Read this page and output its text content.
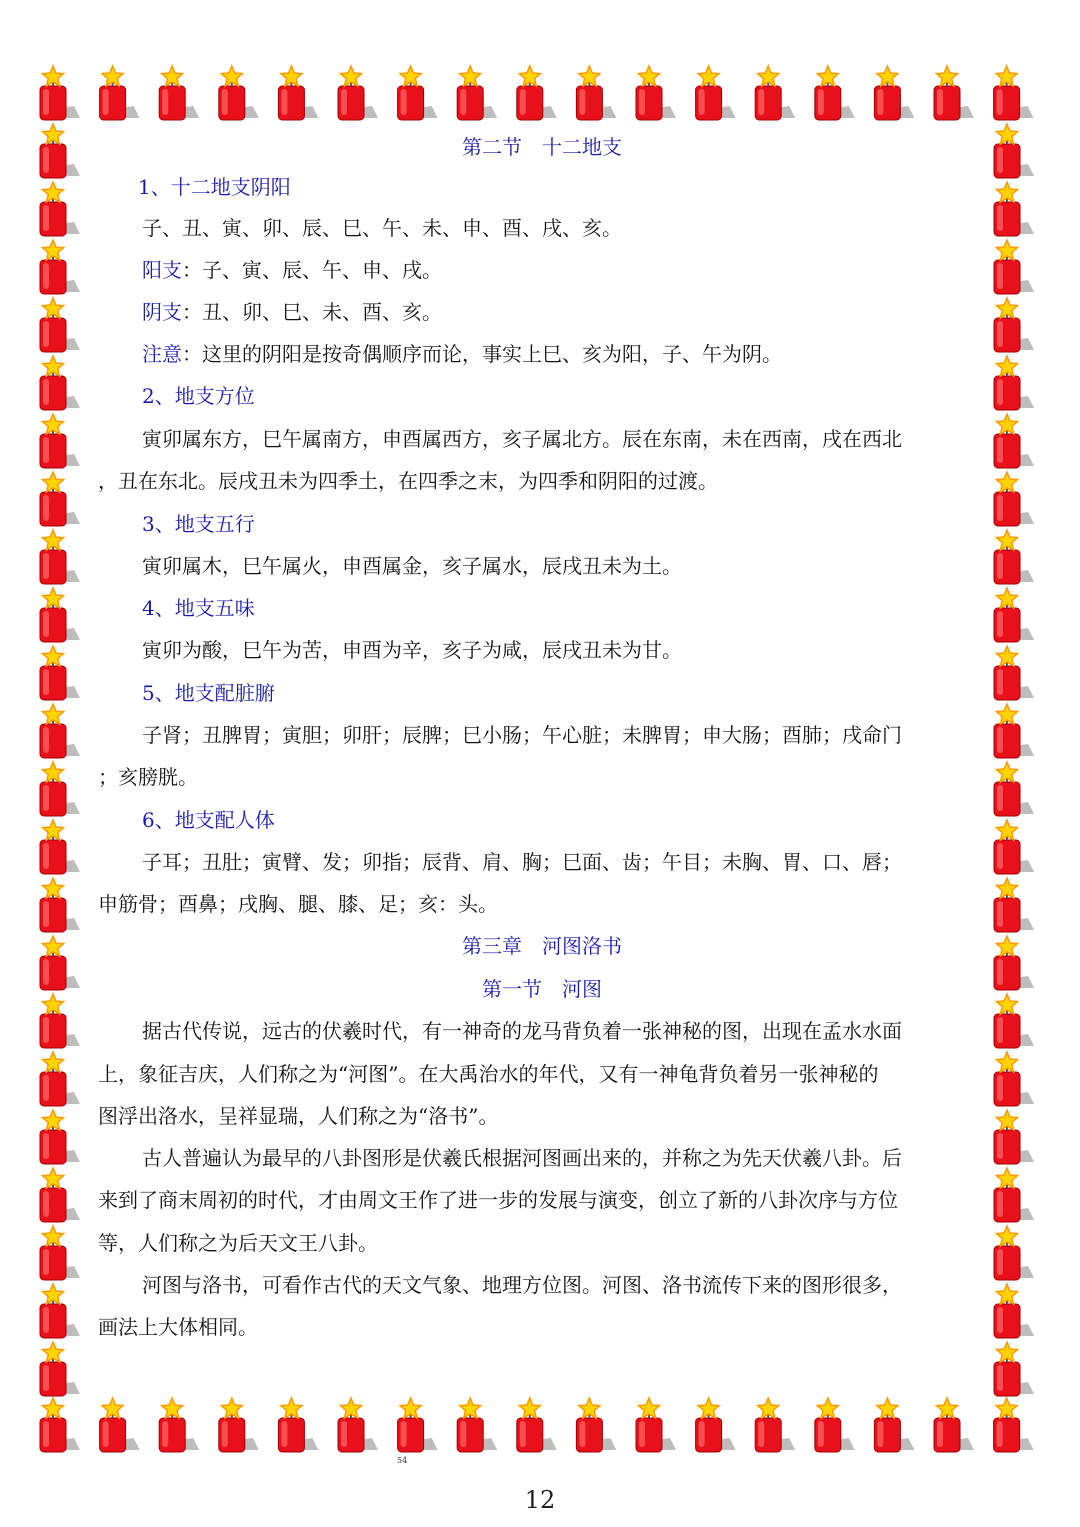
第二节　十二地支
1、十二地支阴阳
子、丑、寅、卯、辰、巳、午、未、申、酉、戌、亥。
阳支：子、寅、辰、午、申、戌。
阴支：丑、卯、巳、未、酉、亥。
注意：这里的阴阳是按奇偶顺序而论，事实上巳、亥为阳，子、午为阴。
2、地支方位
寅卯属东方，巳午属南方，申酉属西方，亥子属北方。辰在东南，未在西南，戌在西北
，丑在东北。辰戌丑未为四季土，在四季之末，为四季和阴阳的过渡。
3、地支五行
寅卯属木，巳午属火，申酉属金，亥子属水，辰戌丑未为土。
4、地支五味
寅卯为酸，巳午为苦，申酉为辛，亥子为咸，辰戌丑未为甘。
5、地支配脏腑
子肾；丑脾胃；寅胆；卯肝；辰脾；巳小肠；午心脏；未脾胃；申大肠；酉肺；戌命门
；亥膀胱。
6、地支配人体
子耳；丑肚；寅臂、发；卯指；辰背、肩、胸；巳面、齿；午目；未胸、胃、口、唇；
申筋骨；酉鼻；戌胸、腿、膝、足；亥：头。
第三章　河图洛书
第一节　河图
据古代传说，远古的伏羲时代，有一神奇的龙马背负着一张神秘的图，出现在孟水水面
上，象征吉庆，人们称之为“河图”。在大禹治水的年代，又有一神龟背负着另一张神秘的
图浮出洛水，呈祥显瑞，人们称之为“洛书”。
古人普遍认为最早的八卦图形是伏羲氏根据河图画出来的，并称之为先天伏羲八卦。后
来到了商末周初的时代，才由周文王作了进一步的发展与演变，创立了新的八卦次序与方位
等，人们称之为后天文王八卦。
河图与洛书，可看作古代的天文气象、地理方位图。河图、洛书流传下来的图形很多，
画法上大体相同。
54
12
